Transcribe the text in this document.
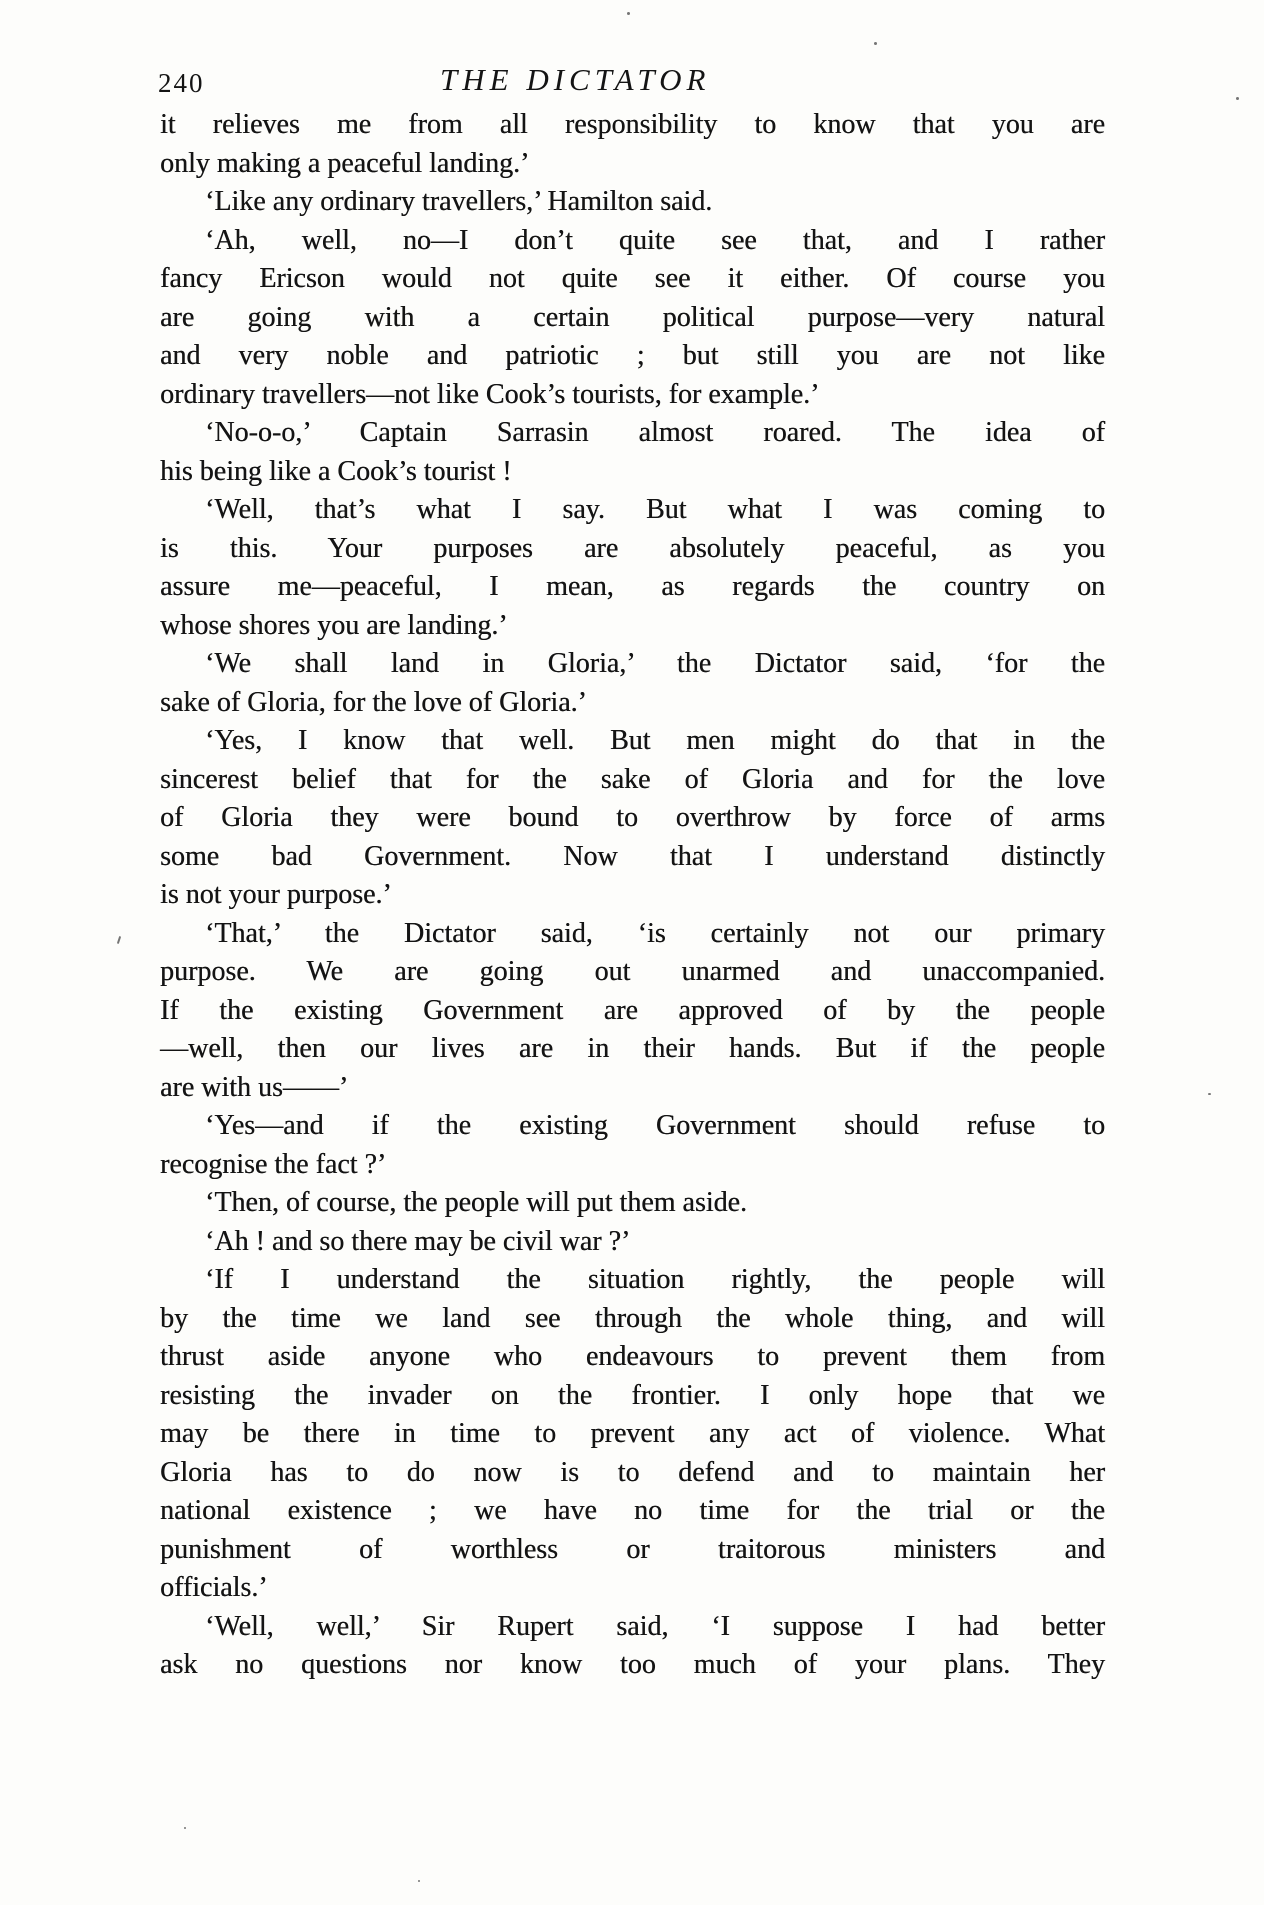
240	THE DICTATOR
it relieves me from all responsibility to know that you are
only making a peaceful landing.’
‘Like any ordinary travellers,’ Hamilton said.
‘Ah, well, no—I don’t quite see that, and I rather
fancy Ericson would not quite see it either. Of course you
are going with a certain political purpose—very natural
and very noble and patriotic ; but still you are not like
ordinary travellers—not like Cook’s tourists, for example.’
‘No-o-o,’ Captain Sarrasin almost roared. The idea of
his being like a Cook’s tourist !
‘Well, that’s what I say. But what I was coming to
is this. Your purposes are absolutely peaceful, as you
assure me—peaceful, I mean, as regards the country on
whose shores you are landing.’
‘We shall land in Gloria,’ the Dictator said, ‘for the
sake of Gloria, for the love of Gloria.’
‘Yes, I know that well. But men might do that in the
sincerest belief that for the sake of Gloria and for the love
of Gloria they were bound to overthrow by force of arms
some bad Government. Now that I understand distinctly
is not your purpose.’
‘That,’ the Dictator said, ‘is certainly not our primary
purpose. We are going out unarmed and unaccompanied.
If the existing Government are approved of by the people
—well, then our lives are in their hands. But if the people
are with us——’
‘Yes—and if the existing Government should refuse to
recognise the fact ?’
‘Then, of course, the people will put them aside.
‘Ah ! and so there may be civil war ?’
‘If I understand the situation rightly, the people will
by the time we land see through the whole thing, and will
thrust aside anyone who endeavours to prevent them from
resisting the invader on the frontier. I only hope that we
may be there in time to prevent any act of violence. What
Gloria has to do now is to defend and to maintain her
national existence ; we have no time for the trial or the
punishment of worthless or traitorous ministers and
officials.’
‘Well, well,’ Sir Rupert said, ‘I suppose I had better
ask no questions nor know too much of your plans. They
